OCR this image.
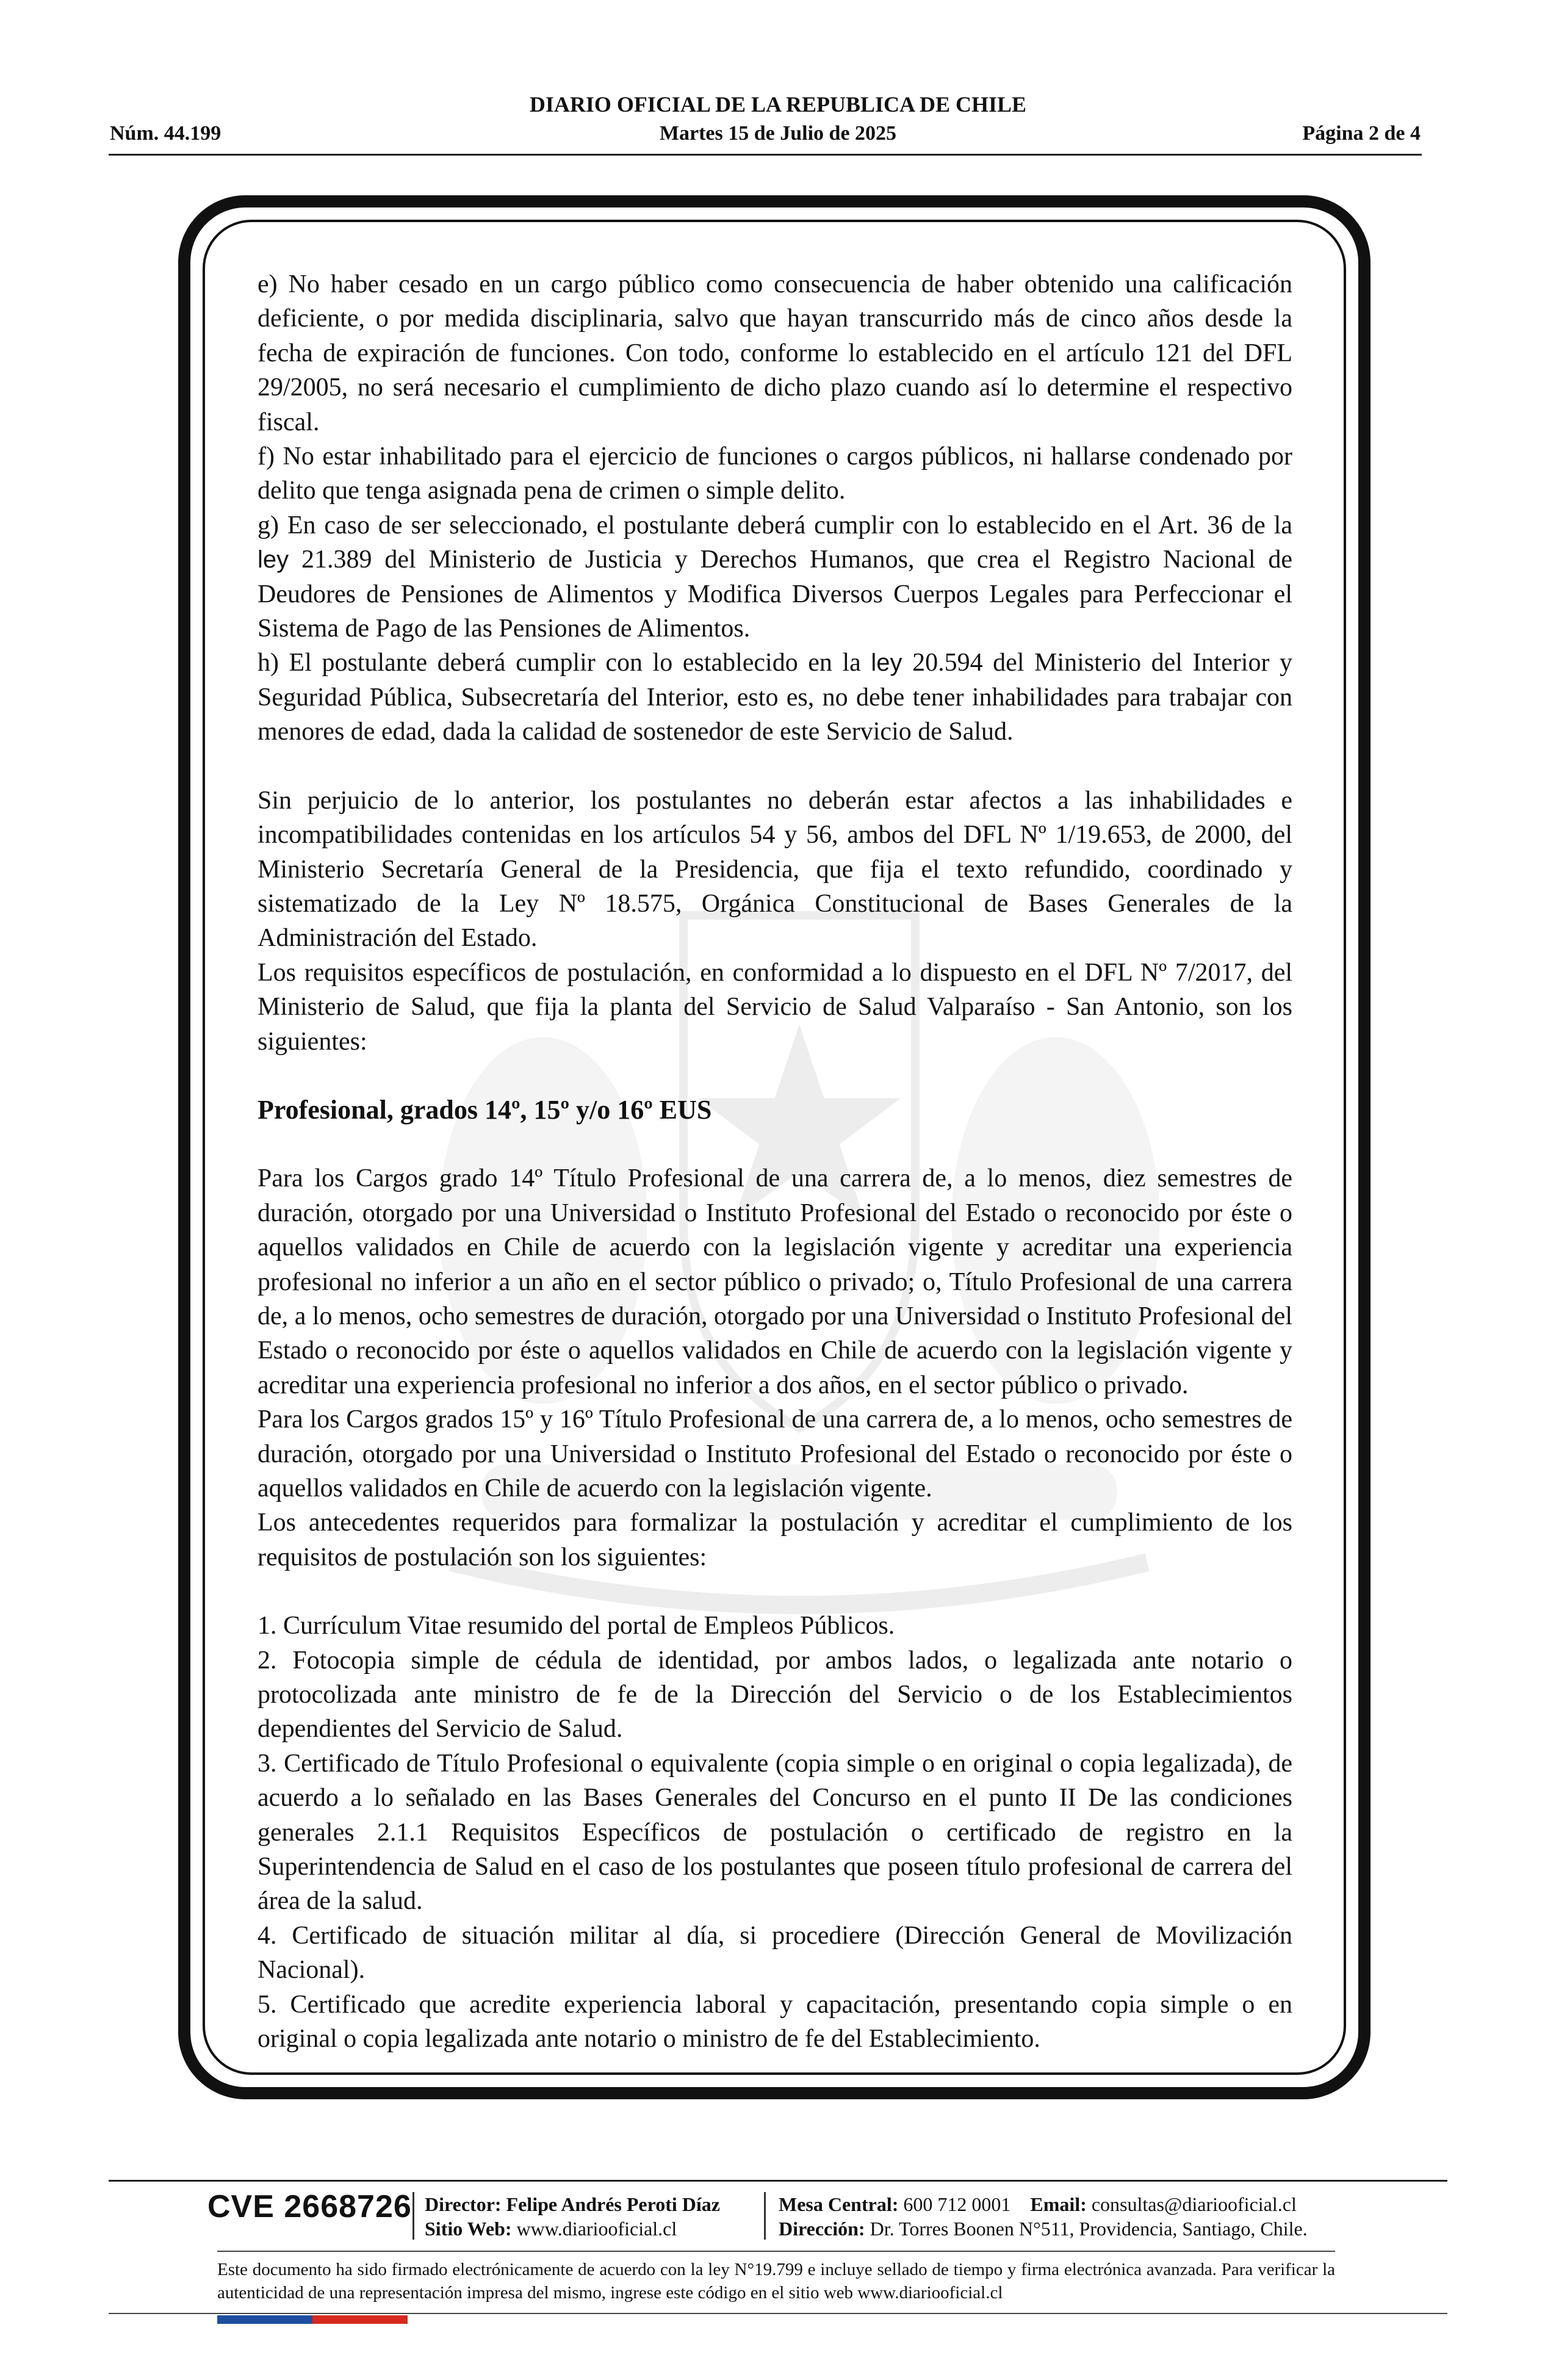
DIARIO OFICIAL DE LA REPUBLICA DE CHILE
Núm. 44.199	Martes 15 de Julio de 2025	Página 2 de 4

e) No haber cesado en un cargo público como consecuencia de haber obtenido una calificación deficiente, o por medida disciplinaria, salvo que hayan transcurrido más de cinco años desde la fecha de expiración de funciones. Con todo, conforme lo establecido en el artículo 121 del DFL 29/2005, no será necesario el cumplimiento de dicho plazo cuando así lo determine el respectivo fiscal.

f) No estar inhabilitado para el ejercicio de funciones o cargos públicos, ni hallarse condenado por delito que tenga asignada pena de crimen o simple delito.

g) En caso de ser seleccionado, el postulante deberá cumplir con lo establecido en el Art. 36 de la ley 21.389 del Ministerio de Justicia y Derechos Humanos, que crea el Registro Nacional de Deudores de Pensiones de Alimentos y Modifica Diversos Cuerpos Legales para Perfeccionar el Sistema de Pago de las Pensiones de Alimentos.

h) El postulante deberá cumplir con lo establecido en la ley 20.594 del Ministerio del Interior y Seguridad Pública, Subsecretaría del Interior, esto es, no debe tener inhabilidades para trabajar con menores de edad, dada la calidad de sostenedor de este Servicio de Salud.

Sin perjuicio de lo anterior, los postulantes no deberán estar afectos a las inhabilidades e incompatibilidades contenidas en los artículos 54 y 56, ambos del DFL Nº 1/19.653, de 2000, del Ministerio Secretaría General de la Presidencia, que fija el texto refundido, coordinado y sistematizado de la Ley Nº 18.575, Orgánica Constitucional de Bases Generales de la Administración del Estado.

Los requisitos específicos de postulación, en conformidad a lo dispuesto en el DFL Nº 7/2017, del Ministerio de Salud, que fija la planta del Servicio de Salud Valparaíso - San Antonio, son los siguientes:

Profesional, grados 14º, 15º y/o 16º EUS

Para los Cargos grado 14º Título Profesional de una carrera de, a lo menos, diez semestres de duración, otorgado por una Universidad o Instituto Profesional del Estado o reconocido por éste o aquellos validados en Chile de acuerdo con la legislación vigente y acreditar una experiencia profesional no inferior a un año en el sector público o privado; o, Título Profesional de una carrera de, a lo menos, ocho semestres de duración, otorgado por una Universidad o Instituto Profesional del Estado o reconocido por éste o aquellos validados en Chile de acuerdo con la legislación vigente y acreditar una experiencia profesional no inferior a dos años, en el sector público o privado.

Para los Cargos grados 15º y 16º Título Profesional de una carrera de, a lo menos, ocho semestres de duración, otorgado por una Universidad o Instituto Profesional del Estado o reconocido por éste o aquellos validados en Chile de acuerdo con la legislación vigente.

Los antecedentes requeridos para formalizar la postulación y acreditar el cumplimiento de los requisitos de postulación son los siguientes:

1. Currículum Vitae resumido del portal de Empleos Públicos.

2. Fotocopia simple de cédula de identidad, por ambos lados, o legalizada ante notario o protocolizada ante ministro de fe de la Dirección del Servicio o de los Establecimientos dependientes del Servicio de Salud.

3. Certificado de Título Profesional o equivalente (copia simple o en original o copia legalizada), de acuerdo a lo señalado en las Bases Generales del Concurso en el punto II De las condiciones generales 2.1.1 Requisitos Específicos de postulación o certificado de registro en la Superintendencia de Salud en el caso de los postulantes que poseen título profesional de carrera del área de la salud.

4. Certificado de situación militar al día, si procediere (Dirección General de Movilización Nacional).

5. Certificado que acredite experiencia laboral y capacitación, presentando copia simple o en original o copia legalizada ante notario o ministro de fe del Establecimiento.

CVE 2668726 Director: Felipe Andrés Peroti Díaz
Sitio Web: www.diariooficial.cl
Mesa Central: 600 712 0001 Email: consultas@diariooficial.cl
Dirección: Dr. Torres Boonen N°511, Providencia, Santiago, Chile.
Este documento ha sido firmado electrónicamente de acuerdo con la ley N°19.799 e incluye sellado de tiempo y firma electrónica avanzada. Para verificar la autenticidad de una representación impresa del mismo, ingrese este código en el sitio web www.diariooficial.cl
